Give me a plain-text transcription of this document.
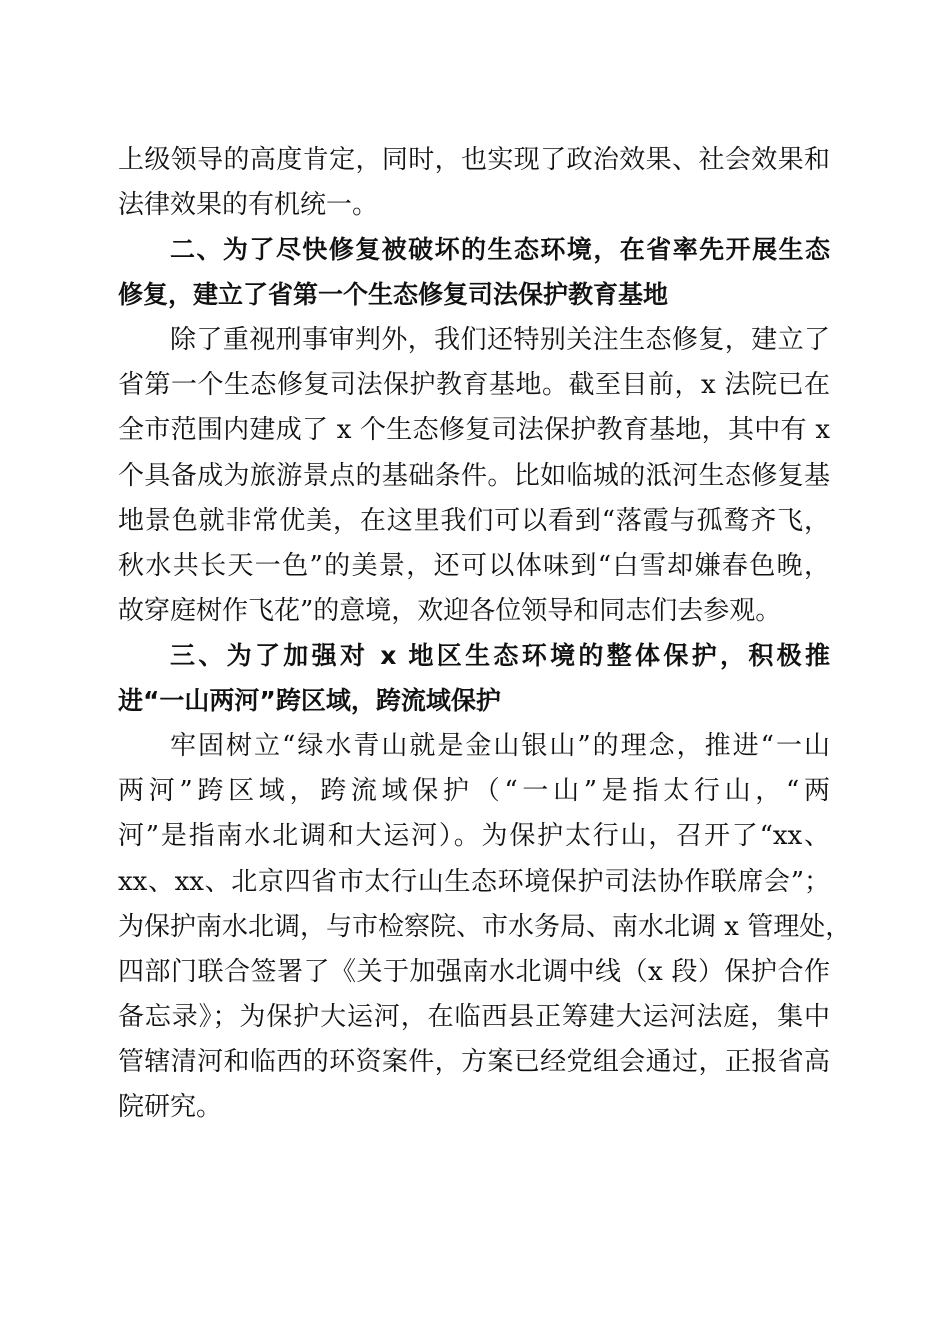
上级领导的高度肯定，同时，也实现了政治效果、社会效果和
法律效果的有机统一。
二、为了尽快修复被破坏的生态环境，在省率先开展生态
修复，建立了省第一个生态修复司法保护教育基地
除了重视刑事审判外，我们还特别关注生态修复，建立了
省第一个生态修复司法保护教育基地。截至目前，x 法院已在
全市范围内建成了 x 个生态修复司法保护教育基地，其中有 x
个具备成为旅游景点的基础条件。比如临城的泜河生态修复基
地景色就非常优美，在这里我们可以看到“落霞与孤鹜齐飞，
秋水共长天一色”的美景，还可以体味到“白雪却嫌春色晚，
故穿庭树作飞花”的意境，欢迎各位领导和同志们去参观。
三、为了加强对 x 地区生态环境的整体保护，积极推
进“一山两河”跨区域，跨流域保护
牢固树立“绿水青山就是金山银山”的理念，推进“一山
两河”跨区域，跨流域保护（“一山”是指太行山，“两
河”是指南水北调和大运河）。为保护太行山，召开了“xx、
xx、xx、北京四省市太行山生态环境保护司法协作联席会”；
为保护南水北调，与市检察院、市水务局、南水北调 x 管理处，
四部门联合签署了《关于加强南水北调中线（x 段）保护合作
备忘录》；为保护大运河，在临西县正筹建大运河法庭，集中
管辖清河和临西的环资案件，方案已经党组会通过，正报省高
院研究。
